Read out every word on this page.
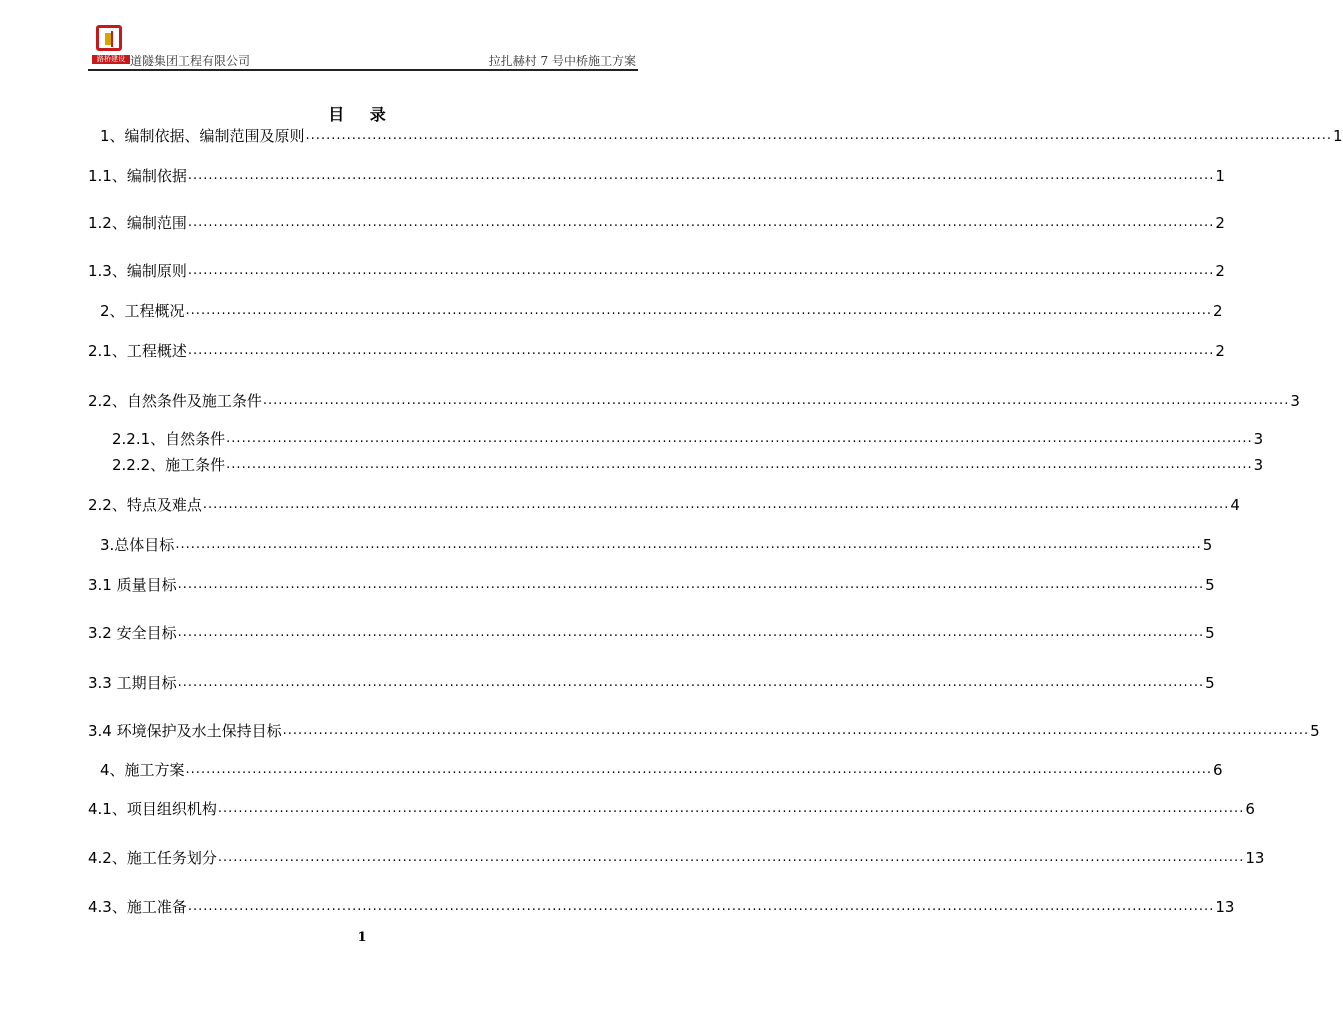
路桥建设 道隧集团工程有限公司	拉扎赫村 7 号中桥施工方案
目 录
1、编制依据、编制范围及原则 ........................................................................................................................................................................................................ 1
1.1、编制依据 ........................................................................................................................................................................................................ 1
1.2、编制范围 ........................................................................................................................................................................................................ 2
1.3、编制原则 ........................................................................................................................................................................................................ 2
2、工程概况 ........................................................................................................................................................................................................ 2
2.1、工程概述 ........................................................................................................................................................................................................ 2
2.2、自然条件及施工条件 ........................................................................................................................................................................................................ 3
2.2.1、自然条件 ........................................................................................................................................................................................................ 3
2.2.2、施工条件 ........................................................................................................................................................................................................ 3
2.2、特点及难点 ........................................................................................................................................................................................................ 4
3.总体目标 ........................................................................................................................................................................................................ 5
3.1 质量目标 ........................................................................................................................................................................................................ 5
3.2 安全目标 ........................................................................................................................................................................................................ 5
3.3 工期目标 ........................................................................................................................................................................................................ 5
3.4 环境保护及水土保持目标 ........................................................................................................................................................................................................ 5
4、施工方案 ........................................................................................................................................................................................................ 6
4.1、项目组织机构 ........................................................................................................................................................................................................ 6
4.2、施工任务划分 ........................................................................................................................................................................................................ 13
4.3、施工准备 ........................................................................................................................................................................................................ 13
1
